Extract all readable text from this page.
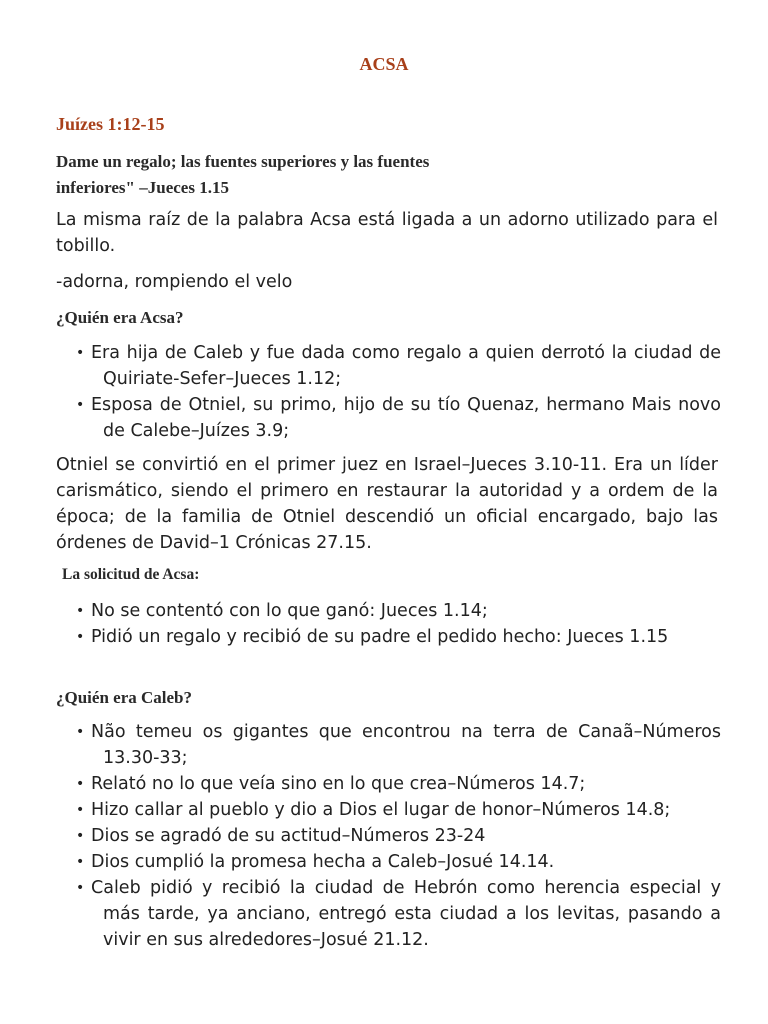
ACSA
Juízes 1:12-15
Dame un regalo; las fuentes superiores y las fuentes
inferiores" –Jueces 1.15

La misma raíz de la palabra Acsa está ligada a un adorno utilizado para el tobillo.

-adorna, rompiendo el velo

¿Quién era Acsa?
• Era hija de Caleb y fue dada como regalo a quien derrotó la ciudad de Quiriate-Sefer–Jueces 1.12;
• Esposa de Otniel, su primo, hijo de su tío Quenaz, hermano Mais novo de Calebe–Juízes 3.9;

Otniel se convirtió en el primer juez en Israel–Jueces 3.10-11. Era un líder carismático, siendo el primero en restaurar la autoridad y a ordem de la época; de la familia de Otniel descendió un oficial encargado, bajo las órdenes de David–1 Crónicas 27.15.

La solicitud de Acsa:
• No se contentó con lo que ganó: Jueces 1.14;
• Pidió un regalo y recibió de su padre el pedido hecho: Jueces 1.15
¿Quién era Caleb?
• Não temeu os gigantes que encontrou na terra de Canaã–Números 13.30-33;
• Relató no lo que veía sino en lo que crea–Números 14.7;
• Hizo callar al pueblo y dio a Dios el lugar de honor–Números 14.8;
• Dios se agradó de su actitud–Números 23-24
• Dios cumplió la promesa hecha a Caleb–Josué 14.14.
• Caleb pidió y recibió la ciudad de Hebrón como herencia especial y más tarde, ya anciano, entregó esta ciudad a los levitas, pasando a vivir en sus alrededores–Josué 21.12.
